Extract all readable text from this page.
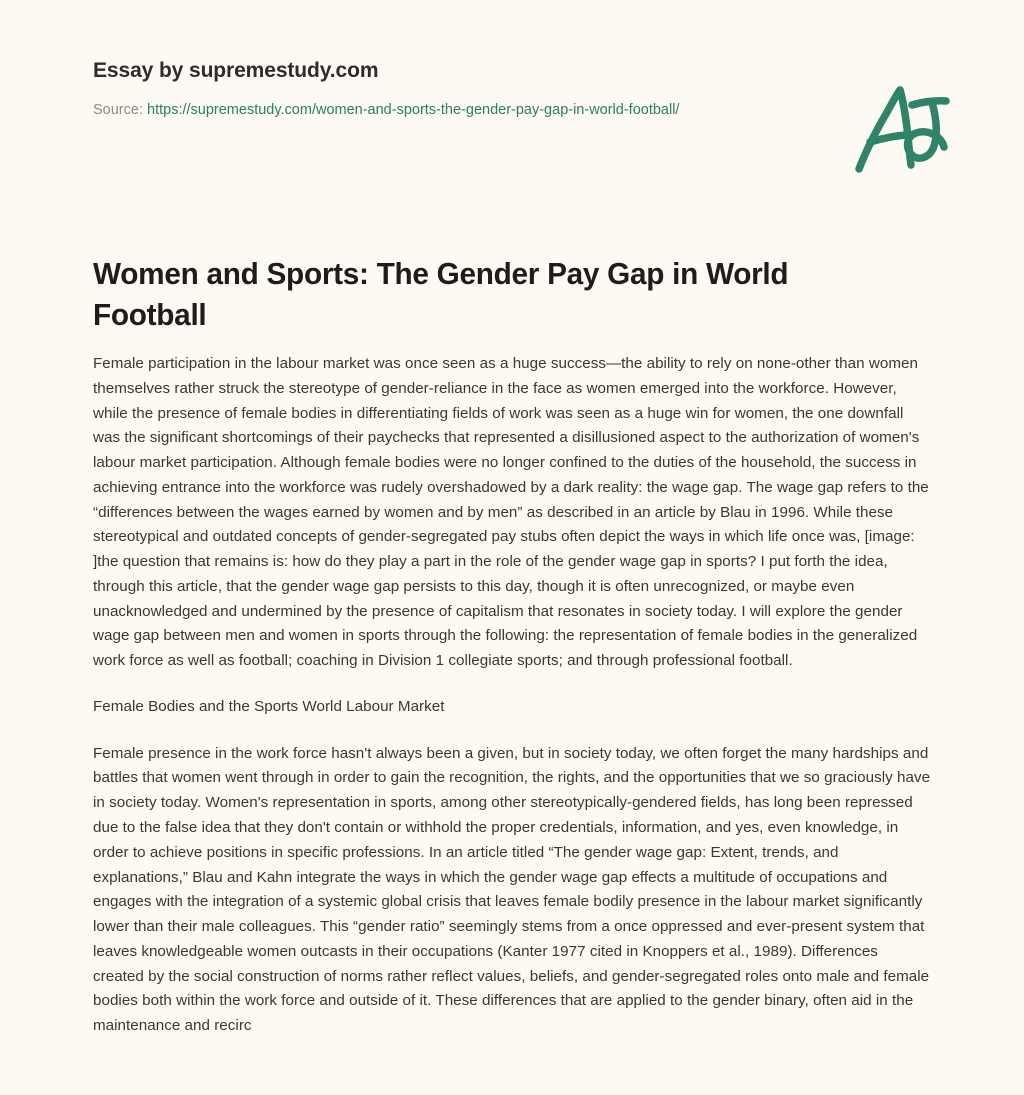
Essay by supremestudy.com

Source: https://supremestudy.com/women-and-sports-the-gender-pay-gap-in-world-football/
Women and Sports: The Gender Pay Gap in World Football

Female participation in the labour market was once seen as a huge success—the ability to rely on none-other than women themselves rather struck the stereotype of gender-reliance in the face as women emerged into the workforce. However, while the presence of female bodies in differentiating fields of work was seen as a huge win for women, the one downfall was the significant shortcomings of their paychecks that represented a disillusioned aspect to the authorization of women's labour market participation. Although female bodies were no longer confined to the duties of the household, the success in achieving entrance into the workforce was rudely overshadowed by a dark reality: the wage gap. The wage gap refers to the “differences between the wages earned by women and by men” as described in an article by Blau in 1996. While these stereotypical and outdated concepts of gender-segregated pay stubs often depict the ways in which life once was, [image: ]the question that remains is: how do they play a part in the role of the gender wage gap in sports? I put forth the idea, through this article, that the gender wage gap persists to this day, though it is often unrecognized, or maybe even unacknowledged and undermined by the presence of capitalism that resonates in society today. I will explore the gender wage gap between men and women in sports through the following: the representation of female bodies in the generalized work force as well as football; coaching in Division 1 collegiate sports; and through professional football.

Female Bodies and the Sports World Labour Market

Female presence in the work force hasn't always been a given, but in society today, we often forget the many hardships and battles that women went through in order to gain the recognition, the rights, and the opportunities that we so graciously have in society today. Women's representation in sports, among other stereotypically-gendered fields, has long been repressed due to the false idea that they don't contain or withhold the proper credentials, information, and yes, even knowledge, in order to achieve positions in specific professions. In an article titled “The gender wage gap: Extent, trends, and explanations,” Blau and Kahn integrate the ways in which the gender wage gap effects a multitude of occupations and engages with the integration of a systemic global crisis that leaves female bodily presence in the labour market significantly lower than their male colleagues. This “gender ratio” seemingly stems from a once oppressed and ever-present system that leaves knowledgeable women outcasts in their occupations (Kanter 1977 cited in Knoppers et al., 1989). Differences created by the social construction of norms rather reflect values, beliefs, and gender-segregated roles onto male and female bodies both within the work force and outside of it. These differences that are applied to the gender binary, often aid in the maintenance and recirc
